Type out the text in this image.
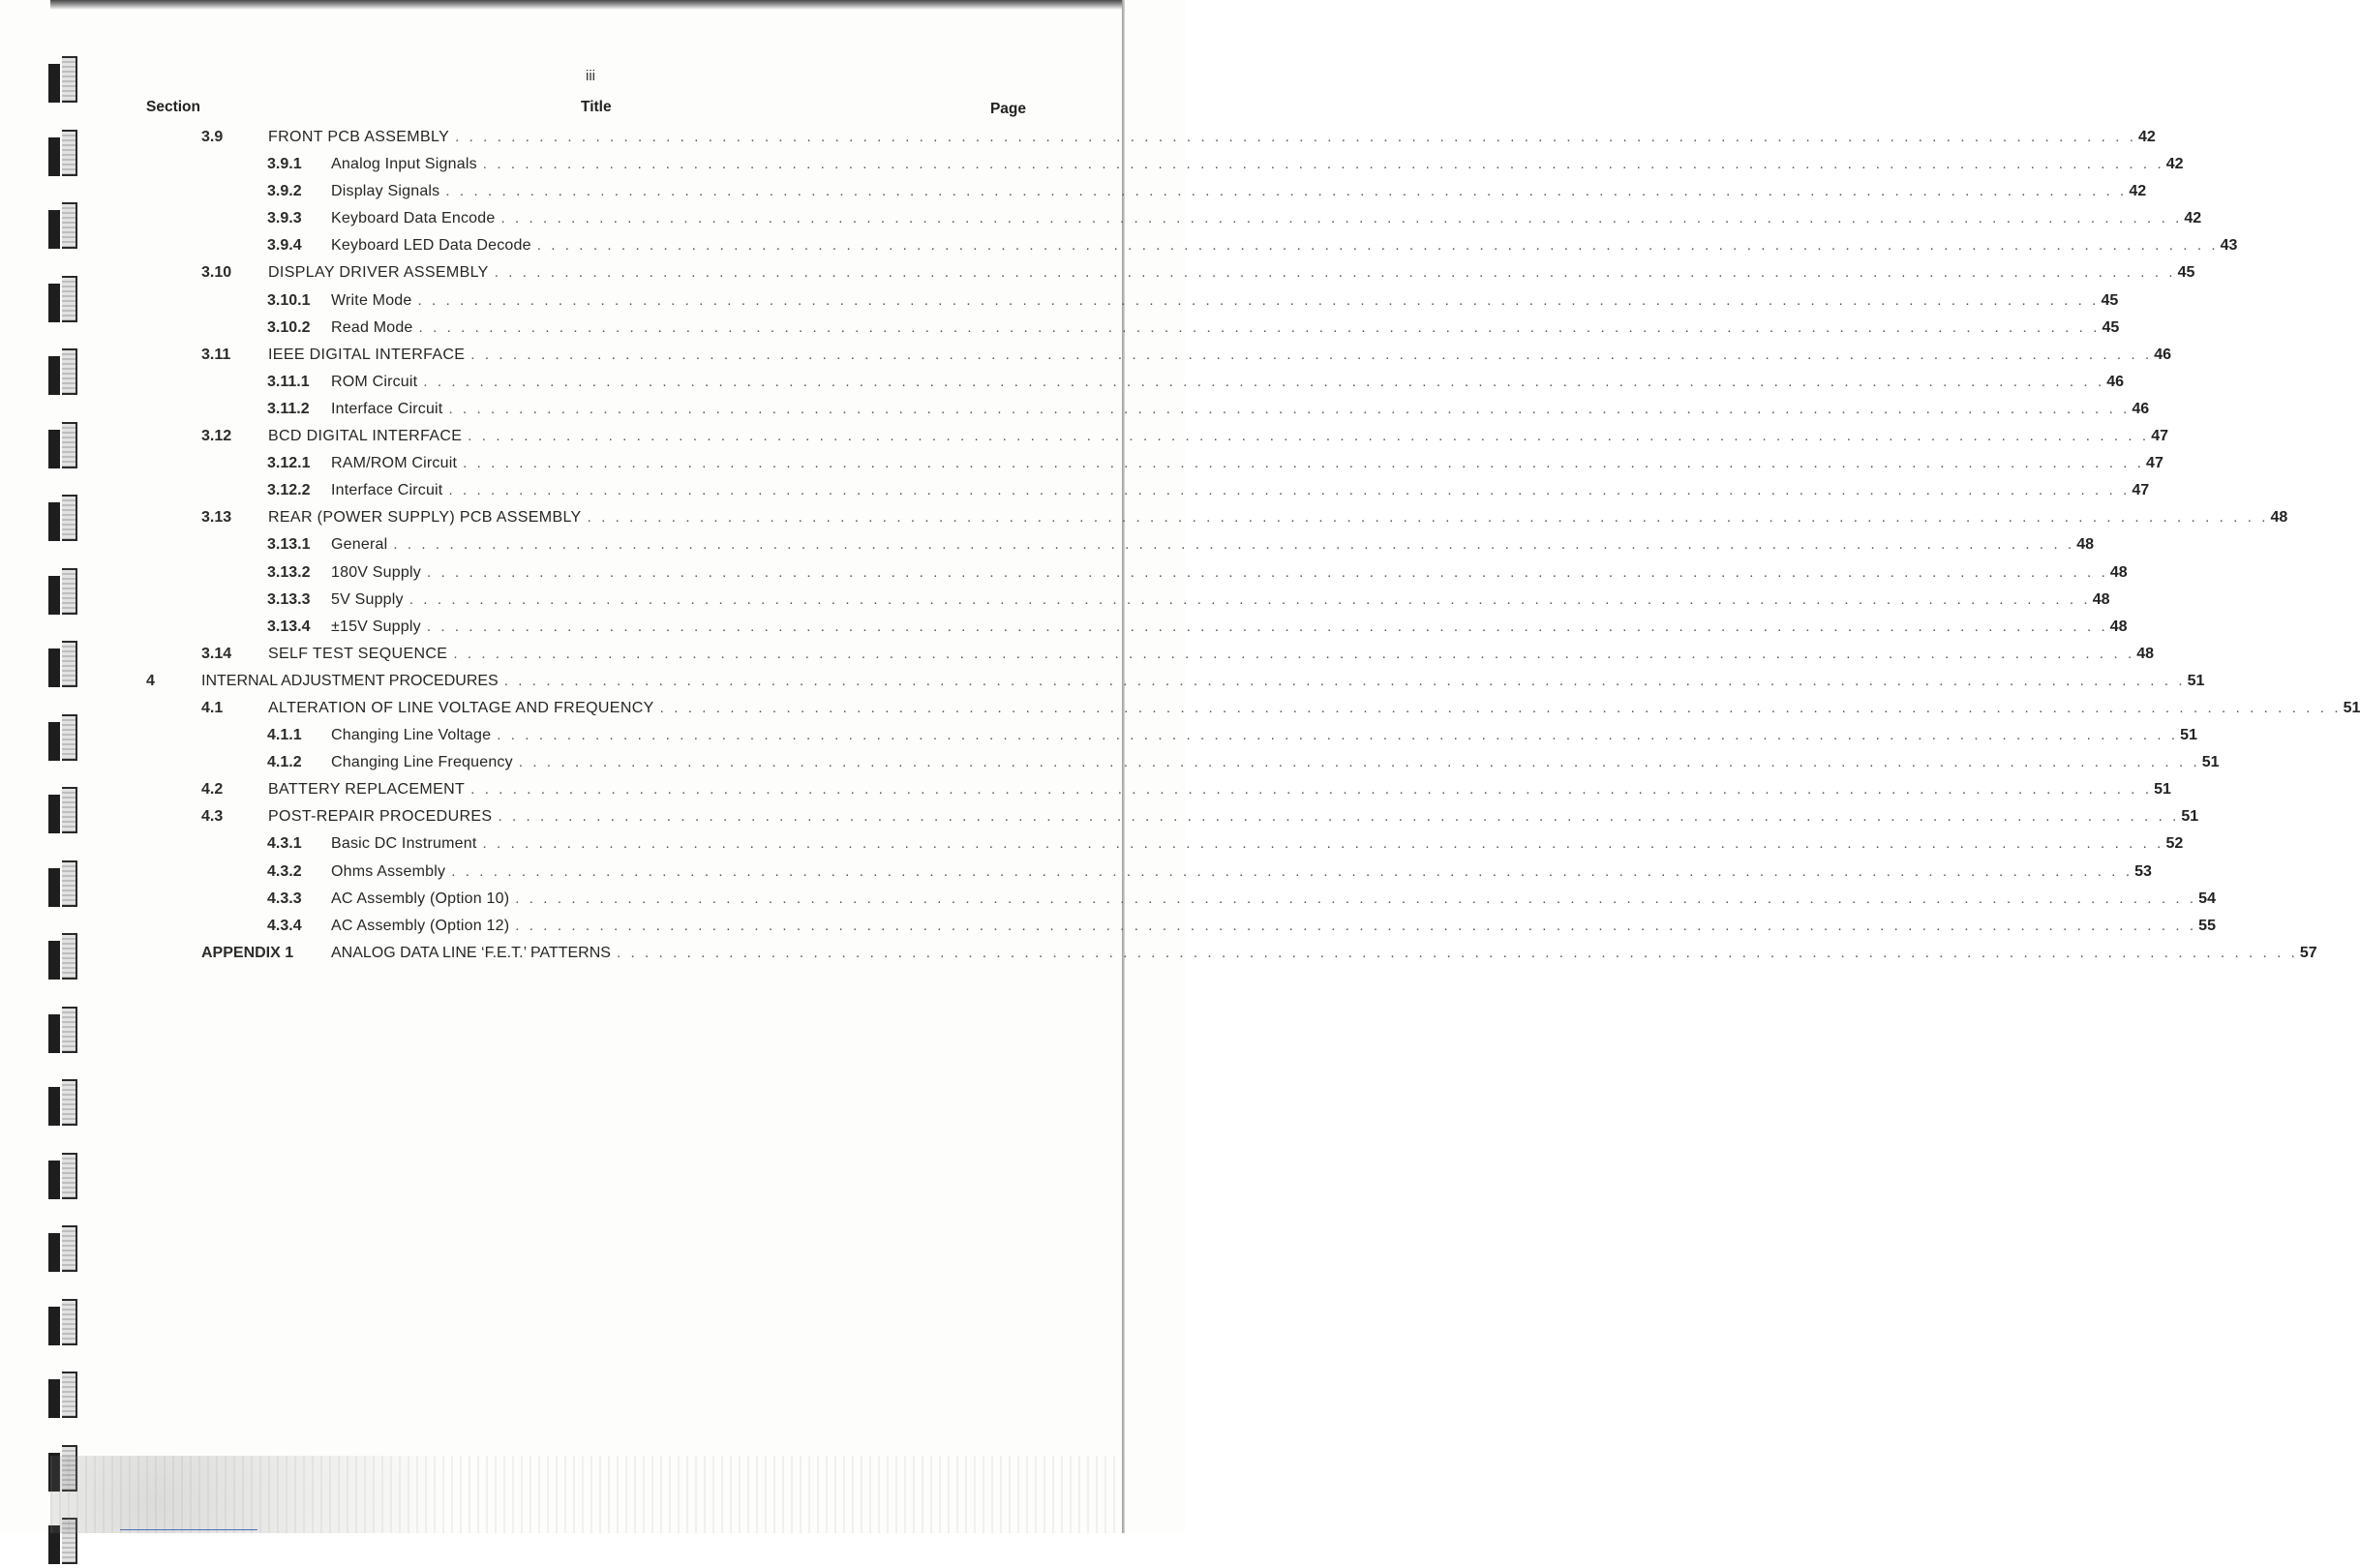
iii
Section	Title	Page
3.9	FRONT PCB ASSEMBLY . . . . . . . . . . . . . . . . . . . . . . . . . . . . . . . . . . . . . . . . . . . . . . . . . . . . . . . . . . . . . . . . . . . . . . . . . . . . . . . . . . . . . . . . . . . . . . . . . . . . . . . . . . . . . . . . . . . . . . . . 42
3.9.1 Analog Input Signals . . . . . . . . . . . . . . . . . . . . . . . . . . . . . . . . . . . . . . . . . . . . . . . . . . . . . . . . . . . . . . . . . . . . . . . . . . . . . . . . . . . . . . . . . . . . . . . . . . . . . . . . . . . . . . . . . . . . . . . . 42
3.9.2 Display Signals . . . . . . . . . . . . . . . . . . . . . . . . . . . . . . . . . . . . . . . . . . . . . . . . . . . . . . . . . . . . . . . . . . . . . . . . . . . . . . . . . . . . . . . . . . . . . . . . . . . . . . . . . . . . . . . . . . . . . . . . 42
3.9.3 Keyboard Data Encode . . . . . . . . . . . . . . . . . . . . . . . . . . . . . . . . . . . . . . . . . . . . . . . . . . . . . . . . . . . . . . . . . . . . . . . . . . . . . . . . . . . . . . . . . . . . . . . . . . . . . . . . . . . . . . . . . . . . . . . . 42
3.9.4 Keyboard LED Data Decode . . . . . . . . . . . . . . . . . . . . . . . . . . . . . . . . . . . . . . . . . . . . . . . . . . . . . . . . . . . . . . . . . . . . . . . . . . . . . . . . . . . . . . . . . . . . . . . . . . . . . . . . . . . . . . . . . . . . . . . . 43
3.10 DISPLAY DRIVER ASSEMBLY . . . . . . . . . . . . . . . . . . . . . . . . . . . . . . . . . . . . . . . . . . . . . . . . . . . . . . . . . . . . . . . . . . . . . . . . . . . . . . . . . . . . . . . . . . . . . . . . . . . . . . . . . . . . . . . . . . . . . . . . 45
3.10.1 Write Mode . . . . . . . . . . . . . . . . . . . . . . . . . . . . . . . . . . . . . . . . . . . . . . . . . . . . . . . . . . . . . . . . . . . . . . . . . . . . . . . . . . . . . . . . . . . . . . . . . . . . . . . . . . . . . . . . . . . . . . . . 45
3.10.2 Read Mode . . . . . . . . . . . . . . . . . . . . . . . . . . . . . . . . . . . . . . . . . . . . . . . . . . . . . . . . . . . . . . . . . . . . . . . . . . . . . . . . . . . . . . . . . . . . . . . . . . . . . . . . . . . . . . . . . . . . . . . . 45
3.11 IEEE DIGITAL INTERFACE . . . . . . . . . . . . . . . . . . . . . . . . . . . . . . . . . . . . . . . . . . . . . . . . . . . . . . . . . . . . . . . . . . . . . . . . . . . . . . . . . . . . . . . . . . . . . . . . . . . . . . . . . . . . . . . . . . . . . . . . 46
3.11.1 ROM Circuit . . . . . . . . . . . . . . . . . . . . . . . . . . . . . . . . . . . . . . . . . . . . . . . . . . . . . . . . . . . . . . . . . . . . . . . . . . . . . . . . . . . . . . . . . . . . . . . . . . . . . . . . . . . . . . . . . . . . . . . . 46
3.11.2 Interface Circuit . . . . . . . . . . . . . . . . . . . . . . . . . . . . . . . . . . . . . . . . . . . . . . . . . . . . . . . . . . . . . . . . . . . . . . . . . . . . . . . . . . . . . . . . . . . . . . . . . . . . . . . . . . . . . . . . . . . . . . . . 46
3.12 BCD DIGITAL INTERFACE . . . . . . . . . . . . . . . . . . . . . . . . . . . . . . . . . . . . . . . . . . . . . . . . . . . . . . . . . . . . . . . . . . . . . . . . . . . . . . . . . . . . . . . . . . . . . . . . . . . . . . . . . . . . . . . . . . . . . . . . 47
3.12.1 RAM/ROM Circuit . . . . . . . . . . . . . . . . . . . . . . . . . . . . . . . . . . . . . . . . . . . . . . . . . . . . . . . . . . . . . . . . . . . . . . . . . . . . . . . . . . . . . . . . . . . . . . . . . . . . . . . . . . . . . . . . . . . . . . . . 47
3.12.2 Interface Circuit . . . . . . . . . . . . . . . . . . . . . . . . . . . . . . . . . . . . . . . . . . . . . . . . . . . . . . . . . . . . . . . . . . . . . . . . . . . . . . . . . . . . . . . . . . . . . . . . . . . . . . . . . . . . . . . . . . . . . . . . 47
3.13 REAR (POWER SUPPLY) PCB ASSEMBLY . . . . . . . . . . . . . . . . . . . . . . . . . . . . . . . . . . . . . . . . . . . . . . . . . . . . . . . . . . . . . . . . . . . . . . . . . . . . . . . . . . . . . . . . . . . . . . . . . . . . . . . . . . . . . . . . . . . . . . . . 48
3.13.1 General . . . . . . . . . . . . . . . . . . . . . . . . . . . . . . . . . . . . . . . . . . . . . . . . . . . . . . . . . . . . . . . . . . . . . . . . . . . . . . . . . . . . . . . . . . . . . . . . . . . . . . . . . . . . . . . . . . . . . . . . 48
3.13.2 180V Supply . . . . . . . . . . . . . . . . . . . . . . . . . . . . . . . . . . . . . . . . . . . . . . . . . . . . . . . . . . . . . . . . . . . . . . . . . . . . . . . . . . . . . . . . . . . . . . . . . . . . . . . . . . . . . . . . . . . . . . . . 48
3.13.3 5V Supply . . . . . . . . . . . . . . . . . . . . . . . . . . . . . . . . . . . . . . . . . . . . . . . . . . . . . . . . . . . . . . . . . . . . . . . . . . . . . . . . . . . . . . . . . . . . . . . . . . . . . . . . . . . . . . . . . . . . . . . . 48
3.13.4 ±15V Supply . . . . . . . . . . . . . . . . . . . . . . . . . . . . . . . . . . . . . . . . . . . . . . . . . . . . . . . . . . . . . . . . . . . . . . . . . . . . . . . . . . . . . . . . . . . . . . . . . . . . . . . . . . . . . . . . . . . . . . . . 48
3.14 SELF TEST SEQUENCE . . . . . . . . . . . . . . . . . . . . . . . . . . . . . . . . . . . . . . . . . . . . . . . . . . . . . . . . . . . . . . . . . . . . . . . . . . . . . . . . . . . . . . . . . . . . . . . . . . . . . . . . . . . . . . . . . . . . . . . . 48
4	INTERNAL ADJUSTMENT PROCEDURES . . . . . . . . . . . . . . . . . . . . . . . . . . . . . . . . . . . . . . . . . . . . . . . . . . . . . . . . . . . . . . . . . . . . . . . . . . . . . . . . . . . . . . . . . . . . . . . . . . . . . . . . . . . . . . . . . . . . . . . . 51
4.1	ALTERATION OF LINE VOLTAGE AND FREQUENCY . . . . . . . . . . . . . . . . . . . . . . . . . . . . . . . . . . . . . . . . . . . . . . . . . . . . . . . . . . . . . . . . . . . . . . . . . . . . . . . . . . . . . . . . . . . . . . . . . . . . . . . . . . . . . . . . . . . . . . . . 51
4.1.1 Changing Line Voltage . . . . . . . . . . . . . . . . . . . . . . . . . . . . . . . . . . . . . . . . . . . . . . . . . . . . . . . . . . . . . . . . . . . . . . . . . . . . . . . . . . . . . . . . . . . . . . . . . . . . . . . . . . . . . . . . . . . . . . . . 51
4.1.2 Changing Line Frequency . . . . . . . . . . . . . . . . . . . . . . . . . . . . . . . . . . . . . . . . . . . . . . . . . . . . . . . . . . . . . . . . . . . . . . . . . . . . . . . . . . . . . . . . . . . . . . . . . . . . . . . . . . . . . . . . . . . . . . . . 51
4.2	BATTERY REPLACEMENT . . . . . . . . . . . . . . . . . . . . . . . . . . . . . . . . . . . . . . . . . . . . . . . . . . . . . . . . . . . . . . . . . . . . . . . . . . . . . . . . . . . . . . . . . . . . . . . . . . . . . . . . . . . . . . . . . . . . . . . . 51
4.3	POST-REPAIR PROCEDURES . . . . . . . . . . . . . . . . . . . . . . . . . . . . . . . . . . . . . . . . . . . . . . . . . . . . . . . . . . . . . . . . . . . . . . . . . . . . . . . . . . . . . . . . . . . . . . . . . . . . . . . . . . . . . . . . . . . . . . . . 51
4.3.1 Basic DC Instrument . . . . . . . . . . . . . . . . . . . . . . . . . . . . . . . . . . . . . . . . . . . . . . . . . . . . . . . . . . . . . . . . . . . . . . . . . . . . . . . . . . . . . . . . . . . . . . . . . . . . . . . . . . . . . . . . . . . . . . . . 52
4.3.2 Ohms Assembly . . . . . . . . . . . . . . . . . . . . . . . . . . . . . . . . . . . . . . . . . . . . . . . . . . . . . . . . . . . . . . . . . . . . . . . . . . . . . . . . . . . . . . . . . . . . . . . . . . . . . . . . . . . . . . . . . . . . . . . . 53
4.3.3 AC Assembly (Option 10) . . . . . . . . . . . . . . . . . . . . . . . . . . . . . . . . . . . . . . . . . . . . . . . . . . . . . . . . . . . . . . . . . . . . . . . . . . . . . . . . . . . . . . . . . . . . . . . . . . . . . . . . . . . . . . . . . . . . . . . . 54
4.3.4 AC Assembly (Option 12) . . . . . . . . . . . . . . . . . . . . . . . . . . . . . . . . . . . . . . . . . . . . . . . . . . . . . . . . . . . . . . . . . . . . . . . . . . . . . . . . . . . . . . . . . . . . . . . . . . . . . . . . . . . . . . . . . . . . . . . . 55
APPENDIX 1 ANALOG DATA LINE ‘F.E.T.’ PATTERNS . . . . . . . . . . . . . . . . . . . . . . . . . . . . . . . . . . . . . . . . . . . . . . . . . . . . . . . . . . . . . . . . . . . . . . . . . . . . . . . . . . . . . . . . . . . . . . . . . . . . . . . . . . . . . . . . . . . . . . . . 57
